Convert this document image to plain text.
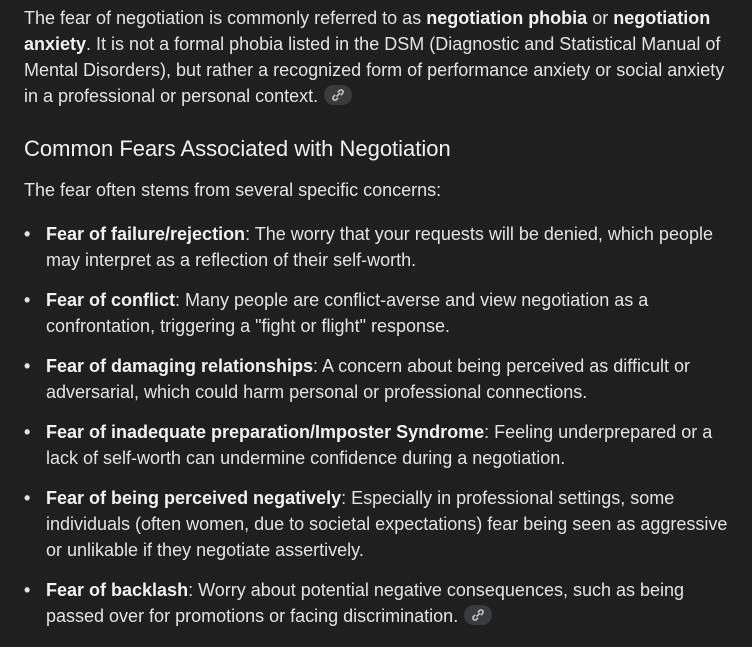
The fear of negotiation is commonly referred to as negotiation phobia or negotiation anxiety. It is not a formal phobia listed in the DSM (Diagnostic and Statistical Manual of Mental Disorders), but rather a recognized form of performance anxiety or social anxiety in a professional or personal context.

Common Fears Associated with Negotiation

The fear often stems from several specific concerns:

• Fear of failure/rejection: The worry that your requests will be denied, which people may interpret as a reflection of their self-worth.
• Fear of conflict: Many people are conflict-averse and view negotiation as a confrontation, triggering a "fight or flight" response.
• Fear of damaging relationships: A concern about being perceived as difficult or adversarial, which could harm personal or professional connections.
• Fear of inadequate preparation/Imposter Syndrome: Feeling underprepared or a lack of self-worth can undermine confidence during a negotiation.
• Fear of being perceived negatively: Especially in professional settings, some individuals (often women, due to societal expectations) fear being seen as aggressive or unlikable if they negotiate assertively.
• Fear of backlash: Worry about potential negative consequences, such as being passed over for promotions or facing discrimination.
